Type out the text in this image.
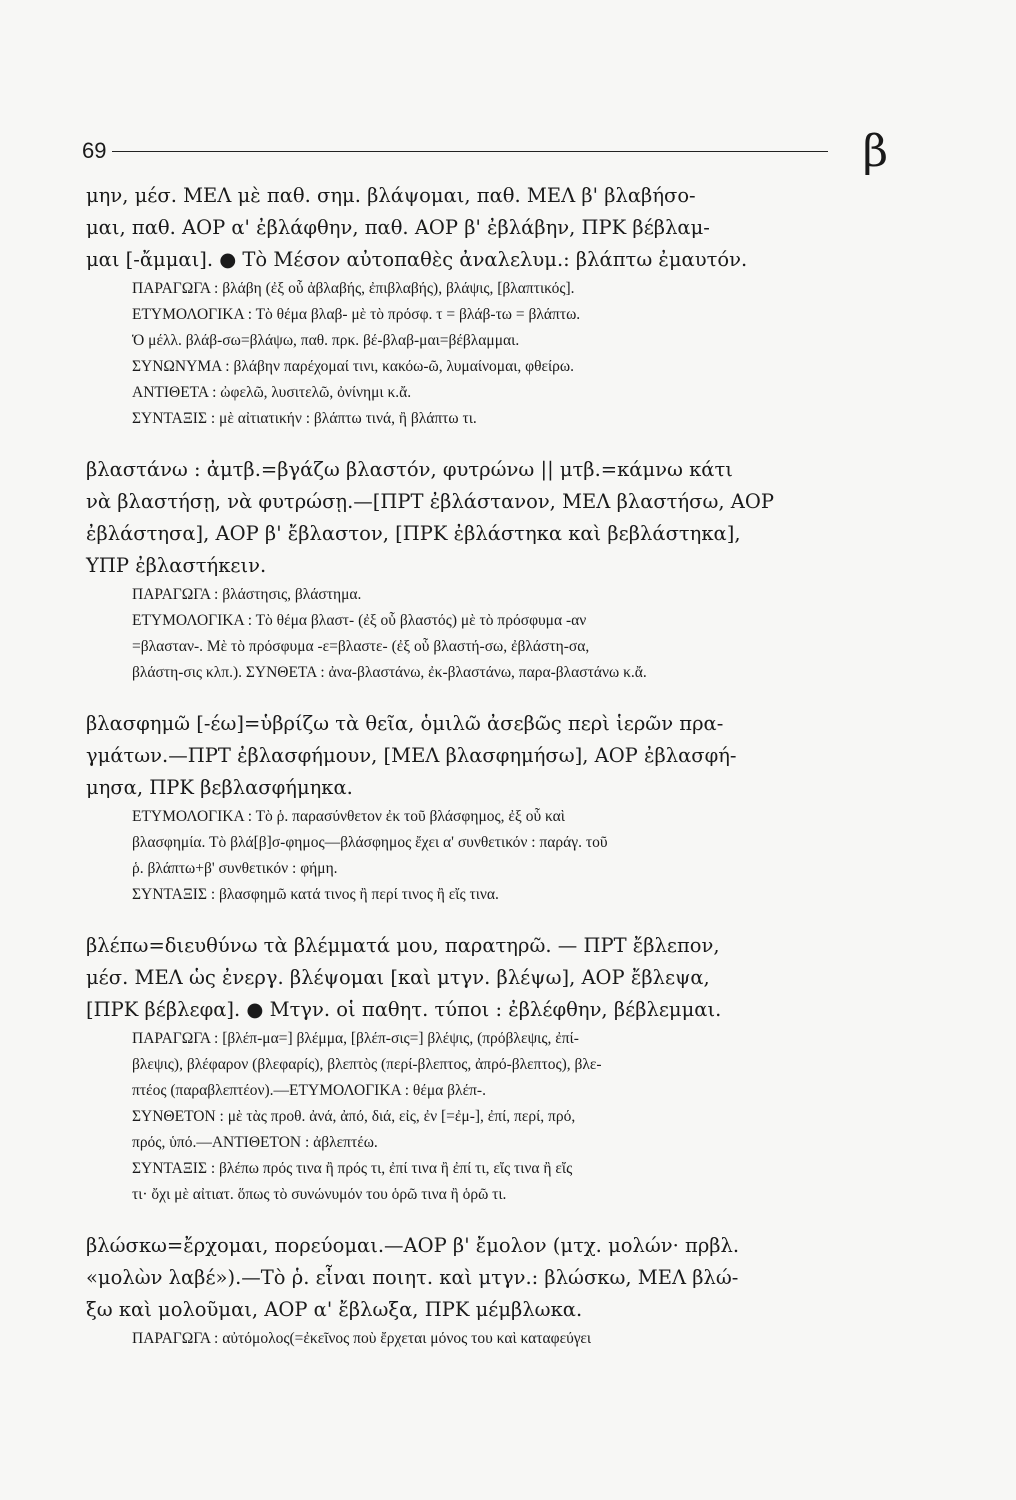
69	β

μην, μέσ. ΜΕΛ μὲ παθ. σημ. βλάψομαι, παθ. ΜΕΛ β' βλαβήσο-
μαι, παθ. ΑΟΡ α' ἐβλάφθην, παθ. ΑΟΡ β' ἐβλάβην, ΠΡΚ βέβλαμ-
μαι [-ἄμμαι]. ● Τὸ Μέσον αὐτοπαθὲς ἀναλελυμ.: βλάπτω ἐμαυτόν.

ΠΑΡΑΓΩΓΑ : βλάβη (ἐξ οὗ ἀβλαβής, ἐπιβλαβής), βλάψις, [βλαπτικός].
ΕΤΥΜΟΛΟΓΙΚΑ : Τὸ θέμα βλαβ- μὲ τὸ πρόσφ. τ = βλάβ-τω = βλάπτω.
Ὁ μέλλ. βλάβ-σω=βλάψω, παθ. πρκ. βέ-βλαβ-μαι=βέβλαμμαι.
ΣΥΝΩΝΥΜΑ : βλάβην παρέχομαί τινι, κακόω-ῶ, λυμαίνομαι, φθείρω.
ΑΝΤΙΘΕΤΑ : ὠφελῶ, λυσιτελῶ, ὀνίνημι κ.ἄ.
ΣΥΝΤΑΞΙΣ : μὲ αἰτιατικήν : βλάπτω τινά, ἢ βλάπτω τι.

βλαστάνω : ἀμτβ.=βγάζω βλαστόν, φυτρώνω || μτβ.=κάμνω κάτι
νὰ βλαστήσῃ, νὰ φυτρώσῃ.—[ΠΡΤ ἐβλάστανον, ΜΕΛ βλαστήσω, ΑΟΡ
ἐβλάστησα], ΑΟΡ β' ἔβλαστον, [ΠΡΚ ἐβλάστηκα καὶ βεβλάστηκα],
ΥΠΡ ἐβλαστήκειν.

ΠΑΡΑΓΩΓΑ : βλάστησις, βλάστημα.
ΕΤΥΜΟΛΟΓΙΚΑ : Τὸ θέμα βλαστ- (ἐξ οὗ βλαστός) μὲ τὸ πρόσφυμα -αν
=βλασταν-. Μὲ τὸ πρόσφυμα -ε=βλαστε- (ἐξ οὗ βλαστή-σω, ἐβλάστη-σα,
βλάστη-σις κλπ.). ΣΥΝΘΕΤΑ : ἀνα-βλαστάνω, ἐκ-βλαστάνω, παρα-βλαστάνω κ.ἄ.

βλασφημῶ [-έω]=ὑβρίζω τὰ θεῖα, ὁμιλῶ ἀσεβῶς περὶ ἱερῶν πρα-
γμάτων.—ΠΡΤ ἐβλασφήμουν, [ΜΕΛ βλασφημήσω], ΑΟΡ ἐβλασφή-
μησα, ΠΡΚ βεβλασφήμηκα.

ΕΤΥΜΟΛΟΓΙΚΑ : Τὸ ῥ. παρασύνθετον ἐκ τοῦ βλάσφημος, ἐξ οὗ καὶ
βλασφημία. Τὸ βλά[β]σ-φημος—βλάσφημος ἔχει α' συνθετικόν : παράγ. τοῦ
ῥ. βλάπτω+β' συνθετικόν : φήμη.
ΣΥΝΤΑΞΙΣ : βλασφημῶ κατά τινος ἢ περί τινος ἢ εἴς τινα.

βλέπω=διευθύνω τὰ βλέμματά μου, παρατηρῶ. — ΠΡΤ ἔβλεπον,
μέσ. ΜΕΛ ὡς ἐνεργ. βλέψομαι [καὶ μτγν. βλέψω], ΑΟΡ ἔβλεψα,
[ΠΡΚ βέβλεφα]. ● Μτγν. οἱ παθητ. τύποι : ἐβλέφθην, βέβλεμμαι.

ΠΑΡΑΓΩΓΑ : [βλέπ-μα=] βλέμμα, [βλέπ-σις=] βλέψις, (πρόβλεψις, ἐπί-
βλεψις), βλέφαρον (βλεφαρίς), βλεπτὸς (περί-βλεπτος, ἀπρό-βλεπτος), βλε-
πτέος (παραβλεπτέον).—ΕΤΥΜΟΛΟΓΙΚΑ : θέμα βλέπ-.
ΣΥΝΘΕΤΟΝ : μὲ τὰς προθ. ἀνά, ἀπό, διά, εἰς, ἐν [=ἐμ-], ἐπί, περί, πρό,
πρός, ὑπό.—ΑΝΤΙΘΕΤΟΝ : ἀβλεπτέω.
ΣΥΝΤΑΞΙΣ : βλέπω πρός τινα ἢ πρός τι, ἐπί τινα ἢ ἐπί τι, εἴς τινα ἢ εἴς
τι· ὄχι μὲ αἰτιατ. ὅπως τὸ συνώνυμόν του ὁρῶ τινα ἢ ὁρῶ τι.

βλώσκω=ἔρχομαι, πορεύομαι.—ΑΟΡ β' ἔμολον (μτχ. μολών· πρβλ.
«μολὼν λαβέ»).—Τὸ ῥ. εἶναι ποιητ. καὶ μτγν.: βλώσκω, ΜΕΛ βλώ-
ξω καὶ μολοῦμαι, ΑΟΡ α' ἔβλωξα, ΠΡΚ μέμβλωκα.

ΠΑΡΑΓΩΓΑ : αὐτόμολος(=ἐκεῖνος ποὺ ἔρχεται μόνος του καὶ καταφεύγει
